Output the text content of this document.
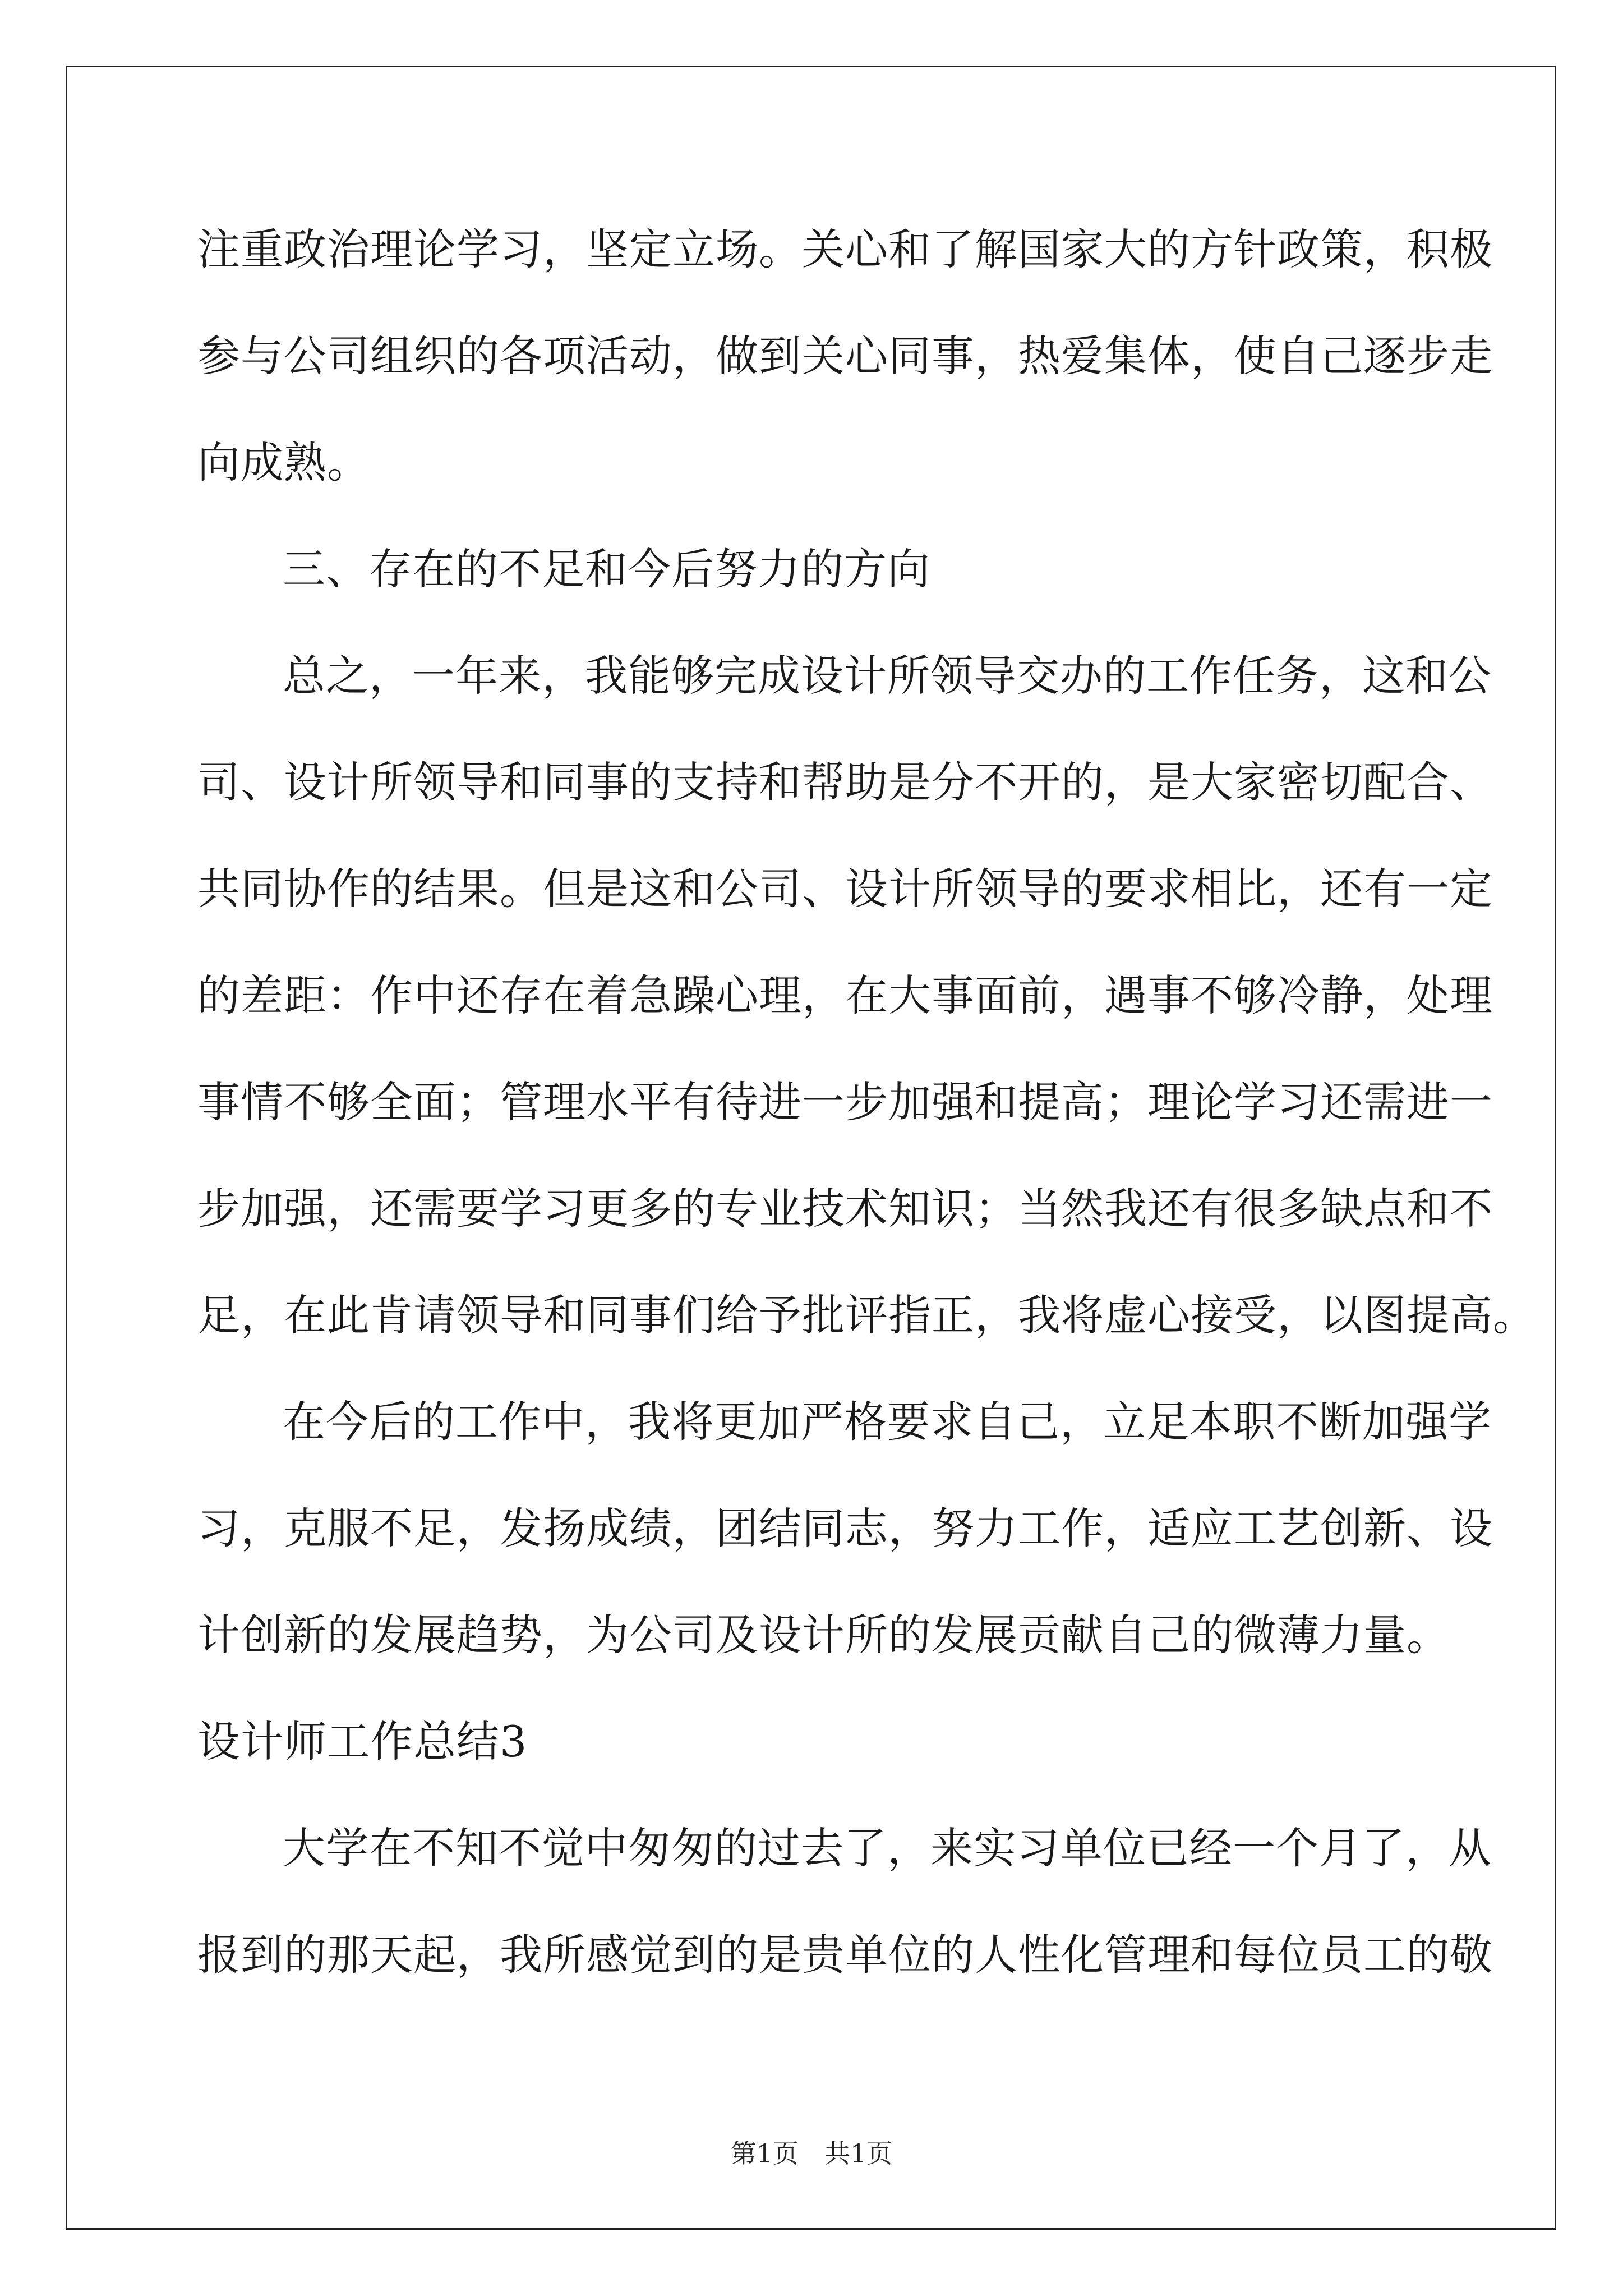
注重政治理论学习，坚定立场。关心和了解国家大的方针政策，积极
参与公司组织的各项活动，做到关心同事，热爱集体，使自己逐步走
向成熟。
三、存在的不足和今后努力的方向
总之，一年来，我能够完成设计所领导交办的工作任务，这和公
司、设计所领导和同事的支持和帮助是分不开的，是大家密切配合、
共同协作的结果。但是这和公司、设计所领导的要求相比，还有一定
的差距：作中还存在着急躁心理，在大事面前，遇事不够冷静，处理
事情不够全面；管理水平有待进一步加强和提高；理论学习还需进一
步加强，还需要学习更多的专业技术知识；当然我还有很多缺点和不
足，在此肯请领导和同事们给予批评指正，我将虚心接受，以图提高。
在今后的工作中，我将更加严格要求自己，立足本职不断加强学
习，克服不足，发扬成绩，团结同志，努力工作，适应工艺创新、设
计创新的发展趋势，为公司及设计所的发展贡献自己的微薄力量。
设计师工作总结3
大学在不知不觉中匆匆的过去了，来实习单位已经一个月了，从
报到的那天起，我所感觉到的是贵单位的人性化管理和每位员工的敬
第1页 共1页
